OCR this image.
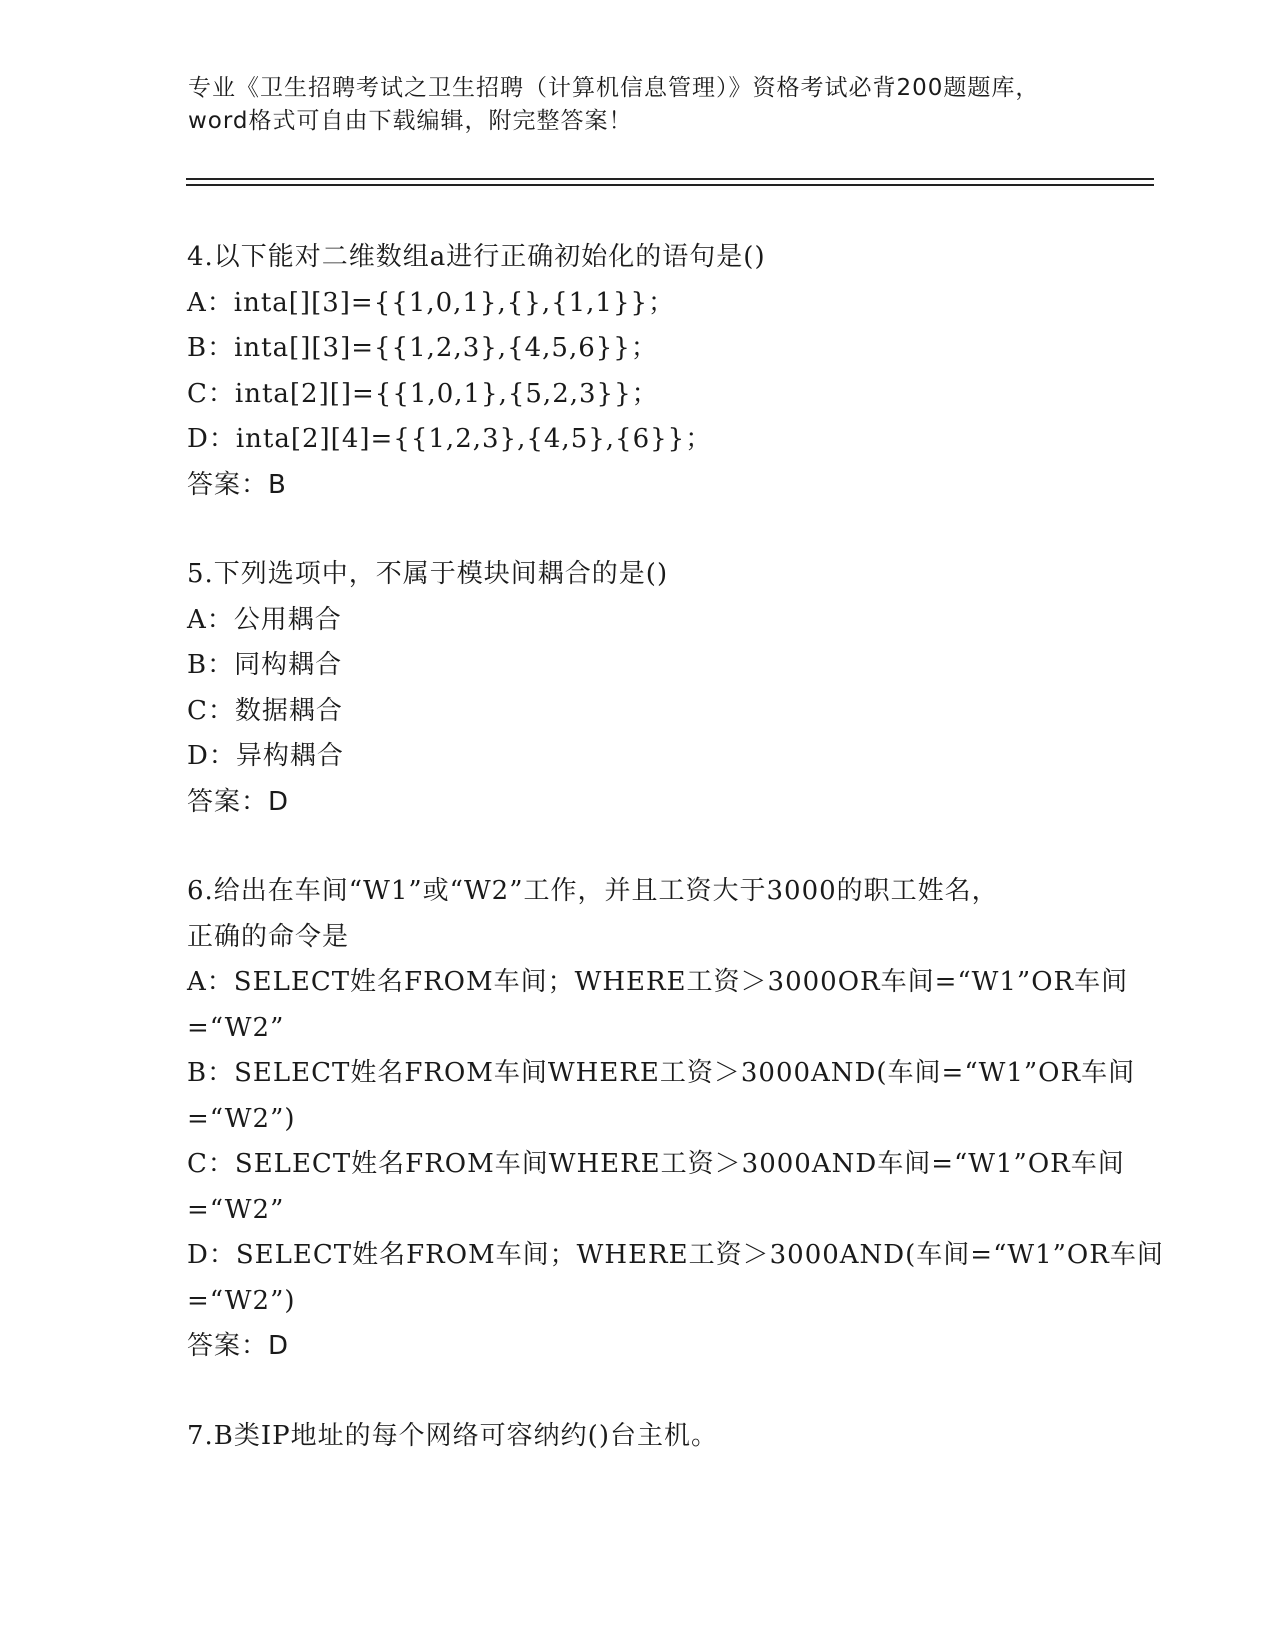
专业《卫生招聘考试之卫生招聘（计算机信息管理）》资格考试必背200题题库，
word格式可自由下载编辑，附完整答案！
4.以下能对二维数组a进行正确初始化的语句是()
A：inta[][3]={{1,0,1},{},{1,1}}；
B：inta[][3]={{1,2,3},{4,5,6}}；
C：inta[2][]={{1,0,1},{5,2,3}}；
D：inta[2][4]={{1,2,3},{4,5},{6}}；
答案：B
5.下列选项中，不属于模块间耦合的是()
A：公用耦合
B：同构耦合
C：数据耦合
D：异构耦合
答案：D
6.给出在车间“W1”或“W2”工作，并且工资大于3000的职工姓名，
正确的命令是
A：SELECT姓名FROM车间；WHERE工资＞3000OR车间=“W1”OR车间
=“W2”
B：SELECT姓名FROM车间WHERE工资＞3000AND(车间=“W1”OR车间
=“W2”)
C：SELECT姓名FROM车间WHERE工资＞3000AND车间=“W1”OR车间
=“W2”
D：SELECT姓名FROM车间；WHERE工资＞3000AND(车间=“W1”OR车间
=“W2”)
答案：D
7.B类IP地址的每个网络可容纳约()台主机。
